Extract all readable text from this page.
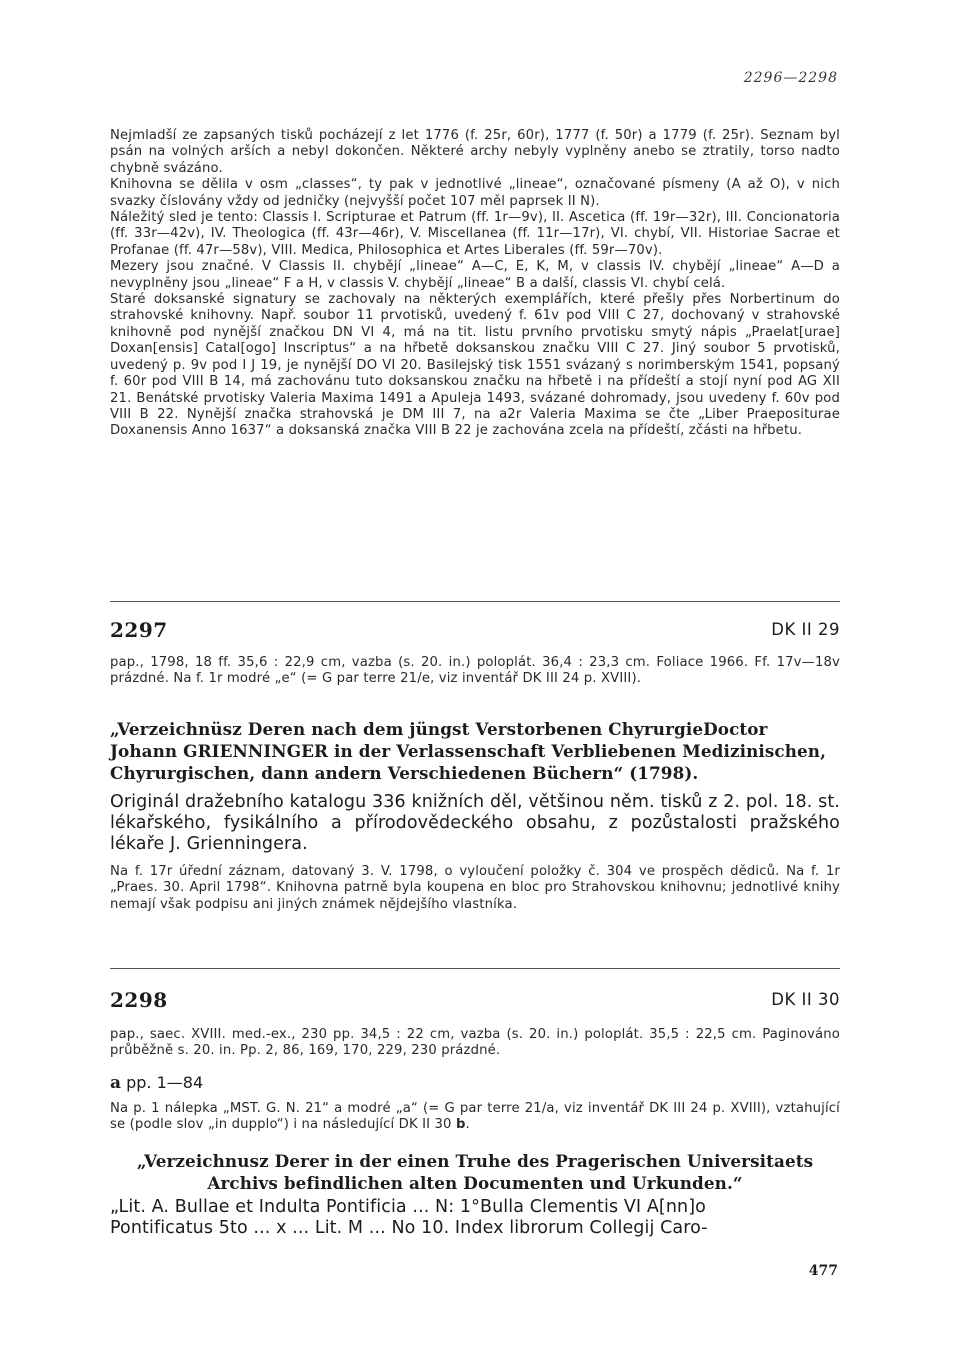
2296—2298

Nejmladší ze zapsaných tisků pocházejí z let 1776 (f. 25r, 60r), 1777 (f. 50r) a 1779 (f. 25r). Seznam byl psán na volných arších a nebyl dokončen. Některé archy nebyly vyplněny anebo se ztratily, torso nadto chybně svázáno.

Knihovna se dělila v osm „classes“, ty pak v jednotlivé „lineae“, označované písmeny (A až O), v nich svazky číslovány vždy od jedničky (nejvyšší počet 107 měl paprsek II N).

Náležitý sled je tento: Classis I. Scripturae et Patrum (ff. 1r—9v), II. Ascetica (ff. 19r—32r), III. Concionatoria (ff. 33r—42v), IV. Theologica (ff. 43r—46r), V. Miscellanea (ff. 11r—17r), VI. chybí, VII. Historiae Sacrae et Profanae (ff. 47r—58v), VIII. Medica, Philosophica et Artes Liberales (ff. 59r—70v).

Mezery jsou značné. V Classis II. chybějí „lineae“ A—C, E, K, M, v classis IV. chybějí „lineae“ A—D a nevyplněny jsou „lineae“ F a H, v classis V. chybějí „lineae“ B a další, classis VI. chybí celá.

Staré doksanské signatury se zachovaly na některých exemplářích, které přešly přes Norbertinum do strahovské knihovny. Např. soubor 11 prvotisků, uvedený f. 61v pod VIII C 27, dochovaný v strahovské knihovně pod nynější značkou DN VI 4, má na tit. listu prvního prvotisku smytý nápis „Praelat[urae] Doxan[ensis] Catal[ogo] Inscriptus“ a na hřbetě doksanskou značku VIII C 27. Jiný soubor 5 prvotisků, uvedený p. 9v pod I J 19, je nynější DO VI 20. Basilejský tisk 1551 svázaný s norimberským 1541, popsaný f. 60r pod VIII B 14, má zachovánu tuto doksanskou značku na hřbetě i na přídeští a stojí nyní pod AG XII 21. Benátské prvotisky Valeria Maxima 1491 a Apuleja 1493, svázané dohromady, jsou uvedeny f. 60v pod VIII B 22. Nynější značka strahovská je DM III 7, na a2r Valeria Maxima se čte „Liber Praepositurae Doxanensis Anno 1637“ a doksanská značka VIII B 22 je zachována zcela na přídeští, zčásti na hřbetu.

2297	DK II 29

pap., 1798, 18 ff. 35,6 : 22,9 cm, vazba (s. 20. in.) poloplát. 36,4 : 23,3 cm. Foliace 1966. Ff. 17v—18v prázdné. Na f. 1r modré „e“ (= G par terre 21/e, viz inventář DK III 24 p. XVIII).

„Verzeichnüsz Deren nach dem jüngst Verstorbenen ChyrurgieDoctor Johann GRIENNINGER in der Verlassenschaft Verbliebenen Medizinischen, Chyrurgischen, dann andern Verschiedenen Büchern“ (1798).

Originál dražebního katalogu 336 knižních děl, většinou něm. tisků z 2. pol. 18. st. lékařského, fysikálního a přírodovědeckého obsahu, z pozůstalosti pražského lékaře J. Grienningera.

Na f. 17r úřední záznam, datovaný 3. V. 1798, o vyloučení položky č. 304 ve prospěch dědiců. Na f. 1r „Praes. 30. April 1798“. Knihovna patrně byla koupena en bloc pro Strahovskou knihovnu; jednotlivé knihy nemají však podpisu ani jiných známek nějdejšího vlastníka.

2298	DK II 30

pap., saec. XVIII. med.-ex., 230 pp. 34,5 : 22 cm, vazba (s. 20. in.) poloplát. 35,5 : 22,5 cm. Paginováno průběžně s. 20. in. Pp. 2, 86, 169, 170, 229, 230 prázdné.

a pp. 1—84

Na p. 1 nálepka „MST. G. N. 21“ a modré „a“ (= G par terre 21/a, viz inventář DK III 24 p. XVIII), vztahující se (podle slov „in dupplo“) i na následující DK II 30 b.

„Verzeichnusz Derer in der einen Truhe des Pragerischen Universitaets

Archivs befindlichen alten Documenten und Urkunden.“

„Lit. A. Bullae et Indulta Pontificia ... N: 1°Bulla Clementis VI A[nn]o

Pontificatus 5to ... x ... Lit. M ... No 10. Index librorum Collegij Caro-

477
